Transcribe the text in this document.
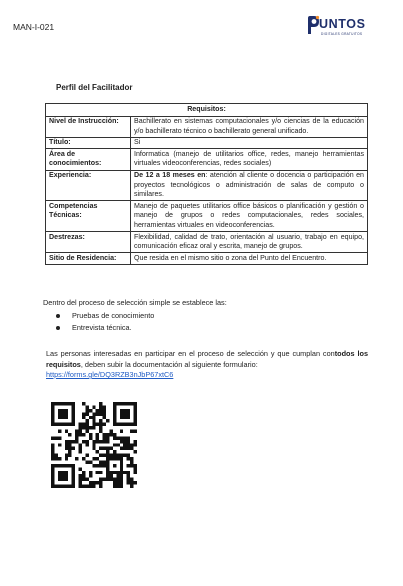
MAN-I-021	UNTOS
DIGITALES GRATUITOS
Perfil del Facilitador
Requisitos:	
Nivel de Instrucción:	Bachillerato en sistemas computacionales y/o ciencias de la educación y/o bachillerato técnico o bachillerato general unificado.
Título:	Si
Área de conocimientos:	Informatica (manejo de utilitarios office, redes, manejo herramientas virtuales videoconferencias, redes sociales)
Experiencia:	De 12 a 18 meses en: atención al cliente o docencia o participación en proyectos tecnológicos o administración de salas de computo o similares.
Competencias Técnicas:	Manejo de paquetes utilitarios office básicos o planificación y gestión o manejo de grupos o redes computacionales, redes sociales, herramientas virtuales en videoconferencias.
Destrezas:	Flexibilidad, calidad de trato, orientación al usuario, trabajo en equipo, comunicación eficaz oral y escrita, manejo de grupos.
Sitio de Residencia:	Que resida en el mismo sitio o zona del Punto del Encuentro.
Dentro del proceso de selección simple se establece las:
Pruebas de conocimiento
Entrevista técnica.
Las personas interesadas en participar en el proceso de selección y que cumplan contodos los requisitos, deben subir la documentación al siguiente formulario:
https://forms.gle/DQ3RZB3nJbP67xtC6
